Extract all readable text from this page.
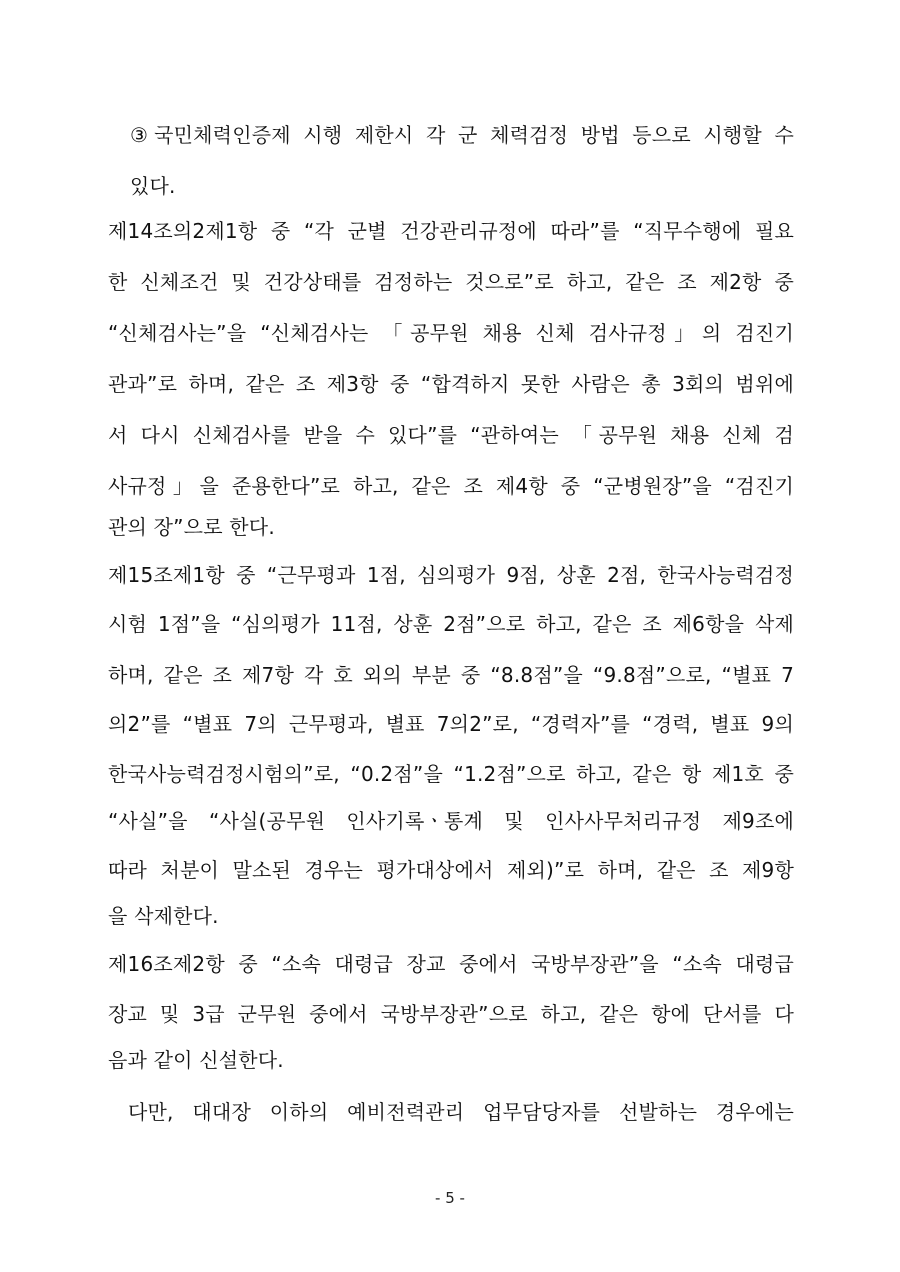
③국민체력인증제 시행 제한시 각 군 체력검정 방법 등으로 시행할 수
있다.
제14조의2제1항 중 “각 군별 건강관리규정에 따라”를 “직무수행에 필요
한 신체조건 및 건강상태를 검정하는 것으로”로 하고, 같은 조 제2항 중
“신체검사는”을 “신체검사는 「공무원 채용 신체 검사규정」의 검진기
관과”로 하며, 같은 조 제3항 중 “합격하지 못한 사람은 총 3회의 범위에
서 다시 신체검사를 받을 수 있다”를 “관하여는 「공무원 채용 신체 검
사규정」을 준용한다”로 하고, 같은 조 제4항 중 “군병원장”을 “검진기
관의 장”으로 한다.
제15조제1항 중 “근무평과 1점, 심의평가 9점, 상훈 2점, 한국사능력검정
시험 1점”을 “심의평가 11점, 상훈 2점”으로 하고, 같은 조 제6항을 삭제
하며, 같은 조 제7항 각 호 외의 부분 중 “8.8점”을 “9.8점”으로, “별표 7
의2”를 “별표 7의 근무평과, 별표 7의2”로, “경력자”를 “경력, 별표 9의
한국사능력검정시험의”로, “0.2점”을 “1.2점”으로 하고, 같은 항 제1호 중
“사실”을 “사실(공무원 인사기록ㆍ통계 및 인사사무처리규정 제9조에
따라 처분이 말소된 경우는 평가대상에서 제외)”로 하며, 같은 조 제9항
을 삭제한다.
제16조제2항 중 “소속 대령급 장교 중에서 국방부장관”을 “소속 대령급
장교 및 3급 군무원 중에서 국방부장관”으로 하고, 같은 항에 단서를 다
음과 같이 신설한다.
다만, 대대장 이하의 예비전력관리 업무담당자를 선발하는 경우에는
- 5 -
